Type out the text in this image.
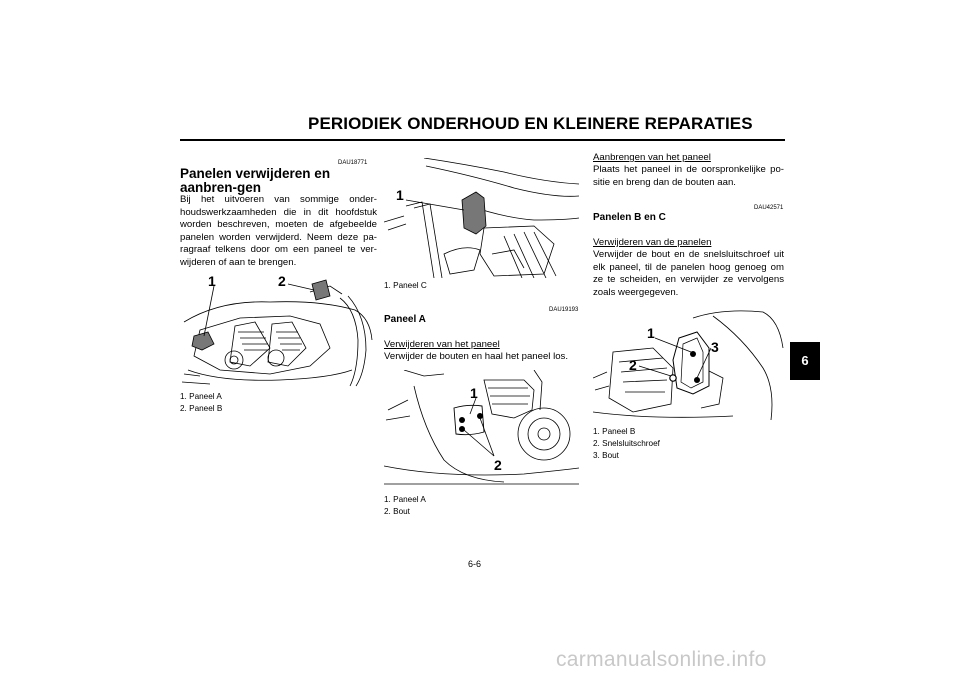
PERIODIEK ONDERHOUD EN KLEINERE REPARATIES
DAU18771
Panelen verwijderen en aanbren-gen
Bij het uitvoeren van sommige onder-houdswerkzaamheden die in dit hoofdstuk worden beschreven, moeten de afgebeelde panelen worden verwijderd. Neem deze pa-ragraaf telkens door om een paneel te ver-wijderen of aan te brengen.
1	2
1. Paneel A
2. Paneel B
1
1. Paneel C
DAU19193
Paneel A
Verwijderen van het paneel
Verwijder de bouten en haal het paneel los.
1
2
1. Paneel A
2. Bout
Aanbrengen van het paneel
Plaats het paneel in de oorspronkelijke po-sitie en breng dan de bouten aan.
DAU42571
Panelen B en C
Verwijderen van de panelen
Verwijder de bout en de snelsluitschroef uit elk paneel, til de panelen hoog genoeg om ze te scheiden, en verwijder ze vervolgens zoals weergegeven.
1
2
3
1. Paneel B
2. Snelsluitschroef
3. Bout
6
6-6
carmanualsonline.info
